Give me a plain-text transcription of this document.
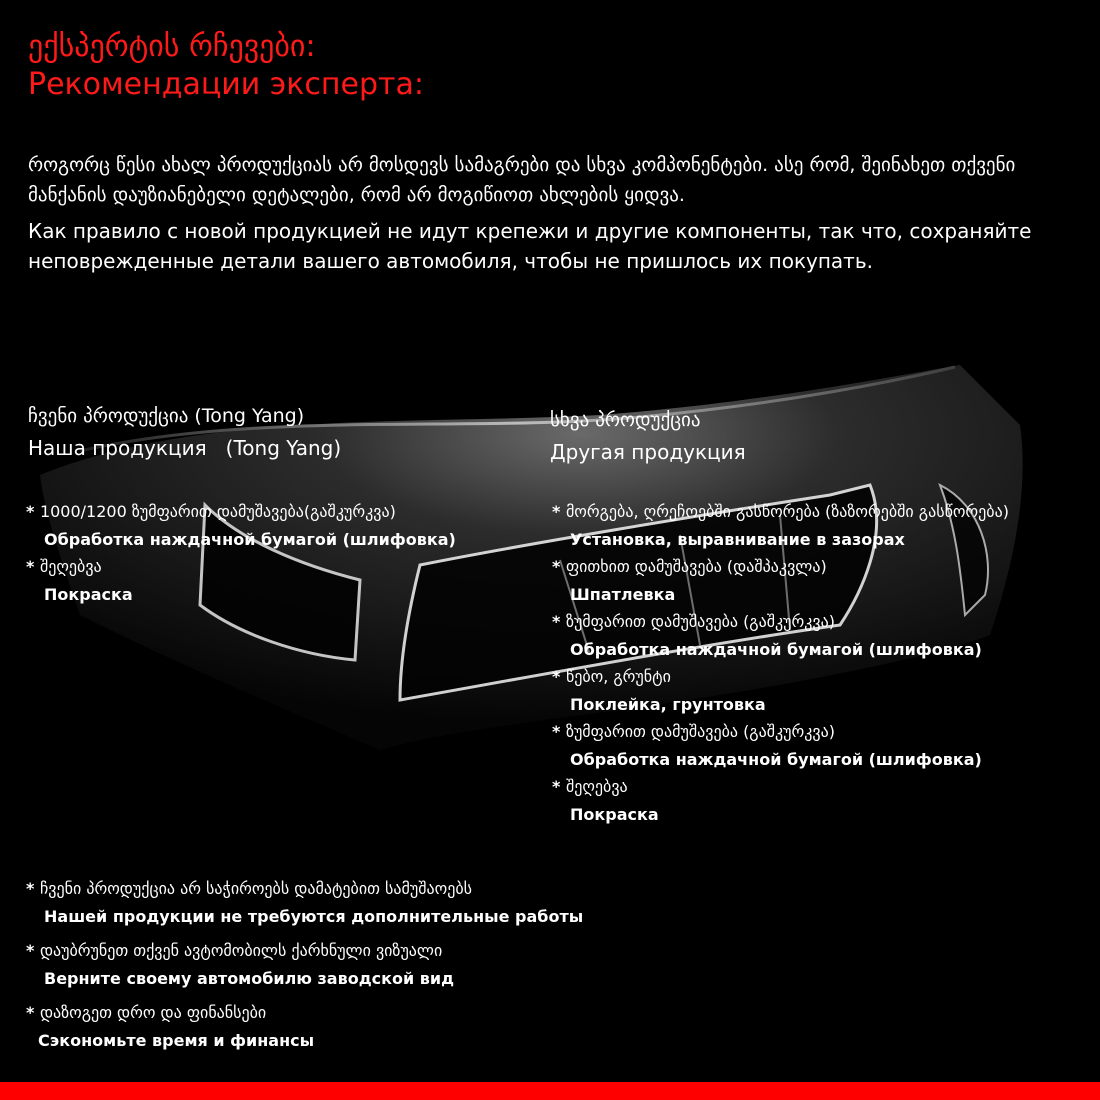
ექსპერტის რჩევები:
Рекомендации эксперта:
როგორც წესი ახალ პროდუქციას არ მოსდევს სამაგრები და სხვა კომპონენტები. ასე რომ, შეინახეთ თქვენი მანქანის დაუზიანებელი დეტალები, რომ არ მოგიწიოთ ახლების ყიდვა.
Как правило с новой продукцией не идут крепежи и другие компоненты, так что, сохраняйте неповрежденные детали вашего автомобиля, чтобы не пришлось их покупать.
ჩვენი პროდუქცია (Tong Yang)
Наша продукция   (Tong Yang)
სხვა პროდუქცია
Другая продукция
* 1000/1200 ზუმფარით დამუშავება(გაშკურკვა)
Обработка наждачной бумагой (шлифовка)
* შეღებვა
Покраска
* მორგება, ღრეჩოებში გასწორება (ზაზორებში გასწორება)
Установка, выравнивание в зазорах
* ფითხით დამუშავება (დაშპაკვლა)
Шпатлевка
* ზუმფარით დამუშავება (გაშკურკვა)
Обработка наждачной бумагой (шлифовка)
* წებო, გრუნტი
Поклейка, грунтовка
* ზუმფარით დამუშავება (გაშკურკვა)
Обработка наждачной бумагой (шлифовка)
* შეღებვა
Покраска
* ჩვენი პროდუქცია არ საჭიროებს დამატებით სამუშაოებს
Нашей продукции не требуются дополнительные работы
* დაუბრუნეთ თქვენ ავტომობილს ქარხნული ვიზუალი
Верните своему автомобилю заводской вид
* დაზოგეთ დრო და ფინანსები
Сэкономьте время и финансы
